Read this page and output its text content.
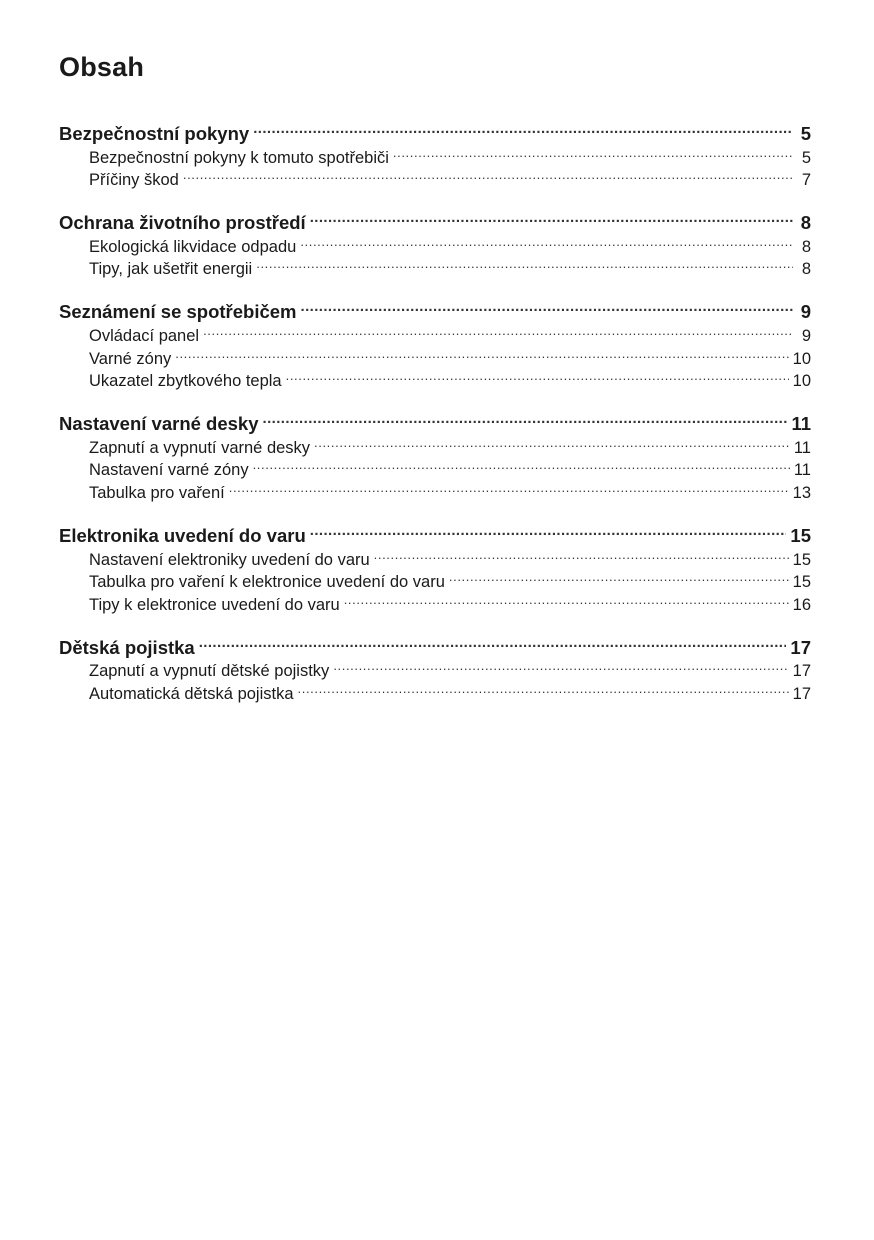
Obsah
Bezpečnostní pokyny .....	5
Bezpečnostní pokyny k tomuto spotřebiči .....	5
Příčiny škod .....	7
Ochrana životního prostředí .....	8
Ekologická likvidace odpadu .....	8
Tipy, jak ušetřit energii .....	8
Seznámení se spotřebičem .....	9
Ovládací panel .....	9
Varné zóny .....	10
Ukazatel zbytkového tepla .....	10
Nastavení varné desky .....	11
Zapnutí a vypnutí varné desky .....	11
Nastavení varné zóny .....	11
Tabulka pro vaření .....	13
Elektronika uvedení do varu .....	15
Nastavení elektroniky uvedení do varu .....	15
Tabulka pro vaření k elektronice uvedení do varu .....	15
Tipy k elektronice uvedení do varu .....	16
Dětská pojistka .....	17
Zapnutí a vypnutí dětské pojistky .....	17
Automatická dětská pojistka .....	17
